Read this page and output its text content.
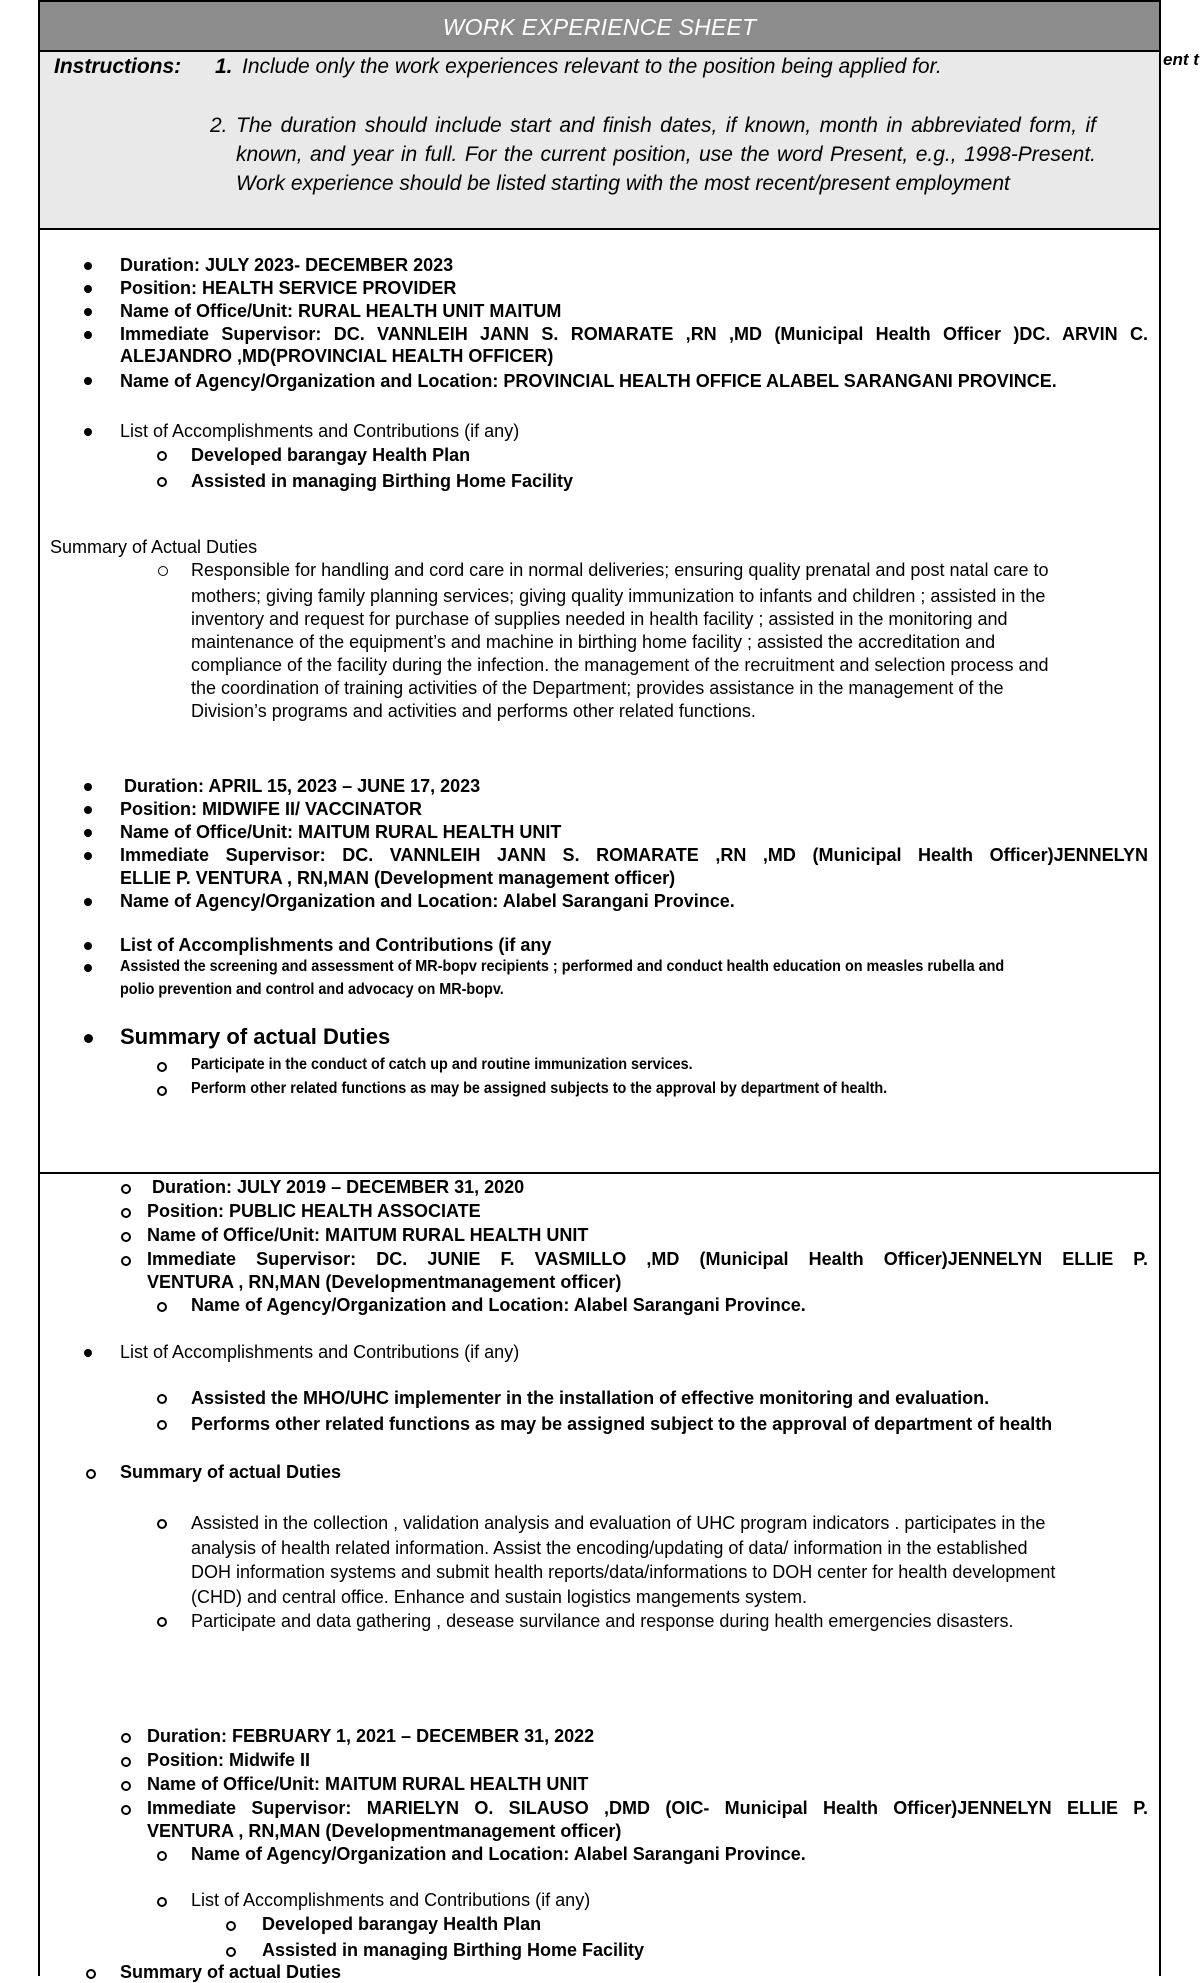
WORK EXPERIENCE SHEET
ent t
Instructions: 1. Include only the work experiences relevant to the position being applied for.
2. The duration should include start and finish dates, if known, month in abbreviated form, if known, and year in full. For the current position, use the word Present, e.g., 1998-Present. Work experience should be listed starting with the most recent/present employment
Duration: JULY 2023- DECEMBER 2023
Position: HEALTH SERVICE PROVIDER
Name of Office/Unit: RURAL HEALTH UNIT MAITUM
Immediate Supervisor: DC. VANNLEIH JANN S. ROMARATE ,RN ,MD (Municipal Health Officer )DC. ARVIN C.
ALEJANDRO ,MD(PROVINCIAL HEALTH OFFICER)
Name of Agency/Organization and Location: PROVINCIAL HEALTH OFFICE ALABEL SARANGANI PROVINCE.
List of Accomplishments and Contributions (if any)
Developed barangay Health Plan
Assisted in managing Birthing Home Facility
Summary of Actual Duties
Responsible for handling and cord care in normal deliveries; ensuring quality prenatal and post natal care to
mothers; giving family planning services; giving quality immunization to infants and children ; assisted in the
inventory and request for purchase of supplies needed in health facility ; assisted in the monitoring and
maintenance of the equipment’s and machine in birthing home facility ; assisted the accreditation and
compliance of the facility during the infection. the management of the recruitment and selection process and
the coordination of training activities of the Department; provides assistance in the management of the
Division’s programs and activities and performs other related functions.
Duration: APRIL 15, 2023 – JUNE 17, 2023
Position: MIDWIFE II/ VACCINATOR
Name of Office/Unit: MAITUM RURAL HEALTH UNIT
Immediate Supervisor: DC. VANNLEIH JANN S. ROMARATE ,RN ,MD (Municipal Health Officer)JENNELYN
ELLIE P. VENTURA , RN,MAN (Development management officer)
Name of Agency/Organization and Location: Alabel Sarangani Province.
List of Accomplishments and Contributions (if any
Assisted the screening and assessment of MR-bopv recipients ; performed and conduct health education on measles rubella and
polio prevention and control and advocacy on MR-bopv.
Summary of actual Duties
Participate in the conduct of catch up and routine immunization services.
Perform other related functions as may be assigned subjects to the approval by department of health.
Duration: JULY 2019 – DECEMBER 31, 2020
Position: PUBLIC HEALTH ASSOCIATE
Name of Office/Unit: MAITUM RURAL HEALTH UNIT
Immediate Supervisor: DC. JUNIE F. VASMILLO ,MD (Municipal Health Officer)JENNELYN ELLIE P.
VENTURA , RN,MAN (Developmentmanagement officer)
Name of Agency/Organization and Location: Alabel Sarangani Province.
List of Accomplishments and Contributions (if any)
Assisted the MHO/UHC implementer in the installation of effective monitoring and evaluation.
Performs other related functions as may be assigned subject to the approval of department of health
Summary of actual Duties
Assisted in the collection , validation analysis and evaluation of UHC program indicators . participates in the
analysis of health related information. Assist the encoding/updating of data/ information in the established
DOH information systems and submit health reports/data/informations to DOH center for health development
(CHD) and central office. Enhance and sustain logistics mangements system.
Participate and data gathering , desease survilance and response during health emergencies disasters.
Duration: FEBRUARY 1, 2021 – DECEMBER 31, 2022
Position: Midwife II
Name of Office/Unit: MAITUM RURAL HEALTH UNIT
Immediate Supervisor: MARIELYN O. SILAUSO ,DMD (OIC- Municipal Health Officer)JENNELYN ELLIE P.
VENTURA , RN,MAN (Developmentmanagement officer)
Name of Agency/Organization and Location: Alabel Sarangani Province.
List of Accomplishments and Contributions (if any)
Developed barangay Health Plan
Assisted in managing Birthing Home Facility
Summary of actual Duties
